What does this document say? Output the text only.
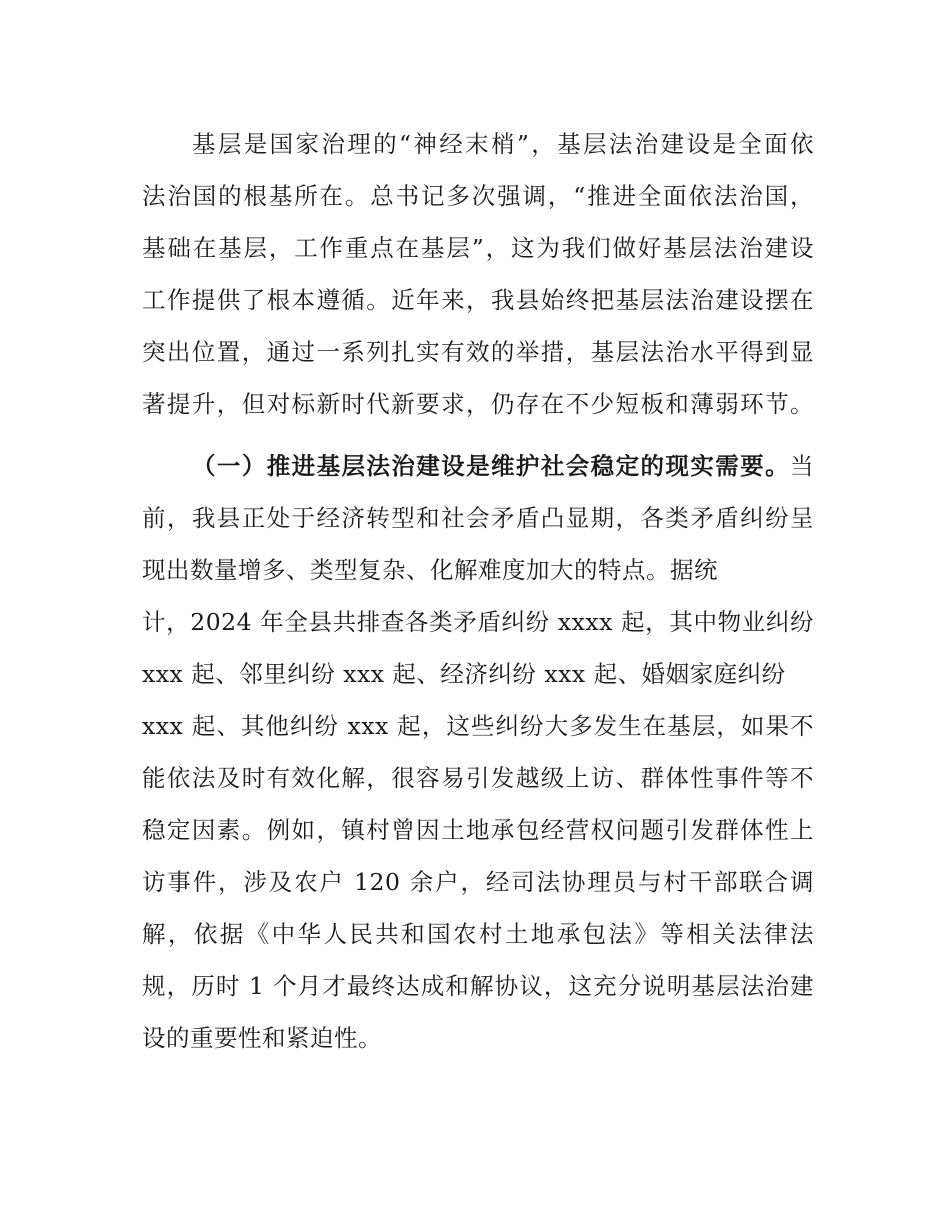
基层是国家治理的“神经末梢”，基层法治建设是全面依
法治国的根基所在。总书记多次强调，“推进全面依法治国，
基础在基层，工作重点在基层”，这为我们做好基层法治建设
工作提供了根本遵循。近年来，我县始终把基层法治建设摆在
突出位置，通过一系列扎实有效的举措，基层法治水平得到显
著提升，但对标新时代新要求，仍存在不少短板和薄弱环节。
（一）推进基层法治建设是维护社会稳定的现实需要。当
前，我县正处于经济转型和社会矛盾凸显期，各类矛盾纠纷呈
现出数量增多、类型复杂、化解难度加大的特点。据统
计，2024 年全县共排查各类矛盾纠纷 xxxx 起，其中物业纠纷
xxx 起、邻里纠纷 xxx 起、经济纠纷 xxx 起、婚姻家庭纠纷
xxx 起、其他纠纷 xxx 起，这些纠纷大多发生在基层，如果不
能依法及时有效化解，很容易引发越级上访、群体性事件等不
稳定因素。例如，镇村曾因土地承包经营权问题引发群体性上
访事件，涉及农户 120 余户，经司法协理员与村干部联合调
解，依据《中华人民共和国农村土地承包法》等相关法律法
规，历时 1 个月才最终达成和解协议，这充分说明基层法治建
设的重要性和紧迫性。
